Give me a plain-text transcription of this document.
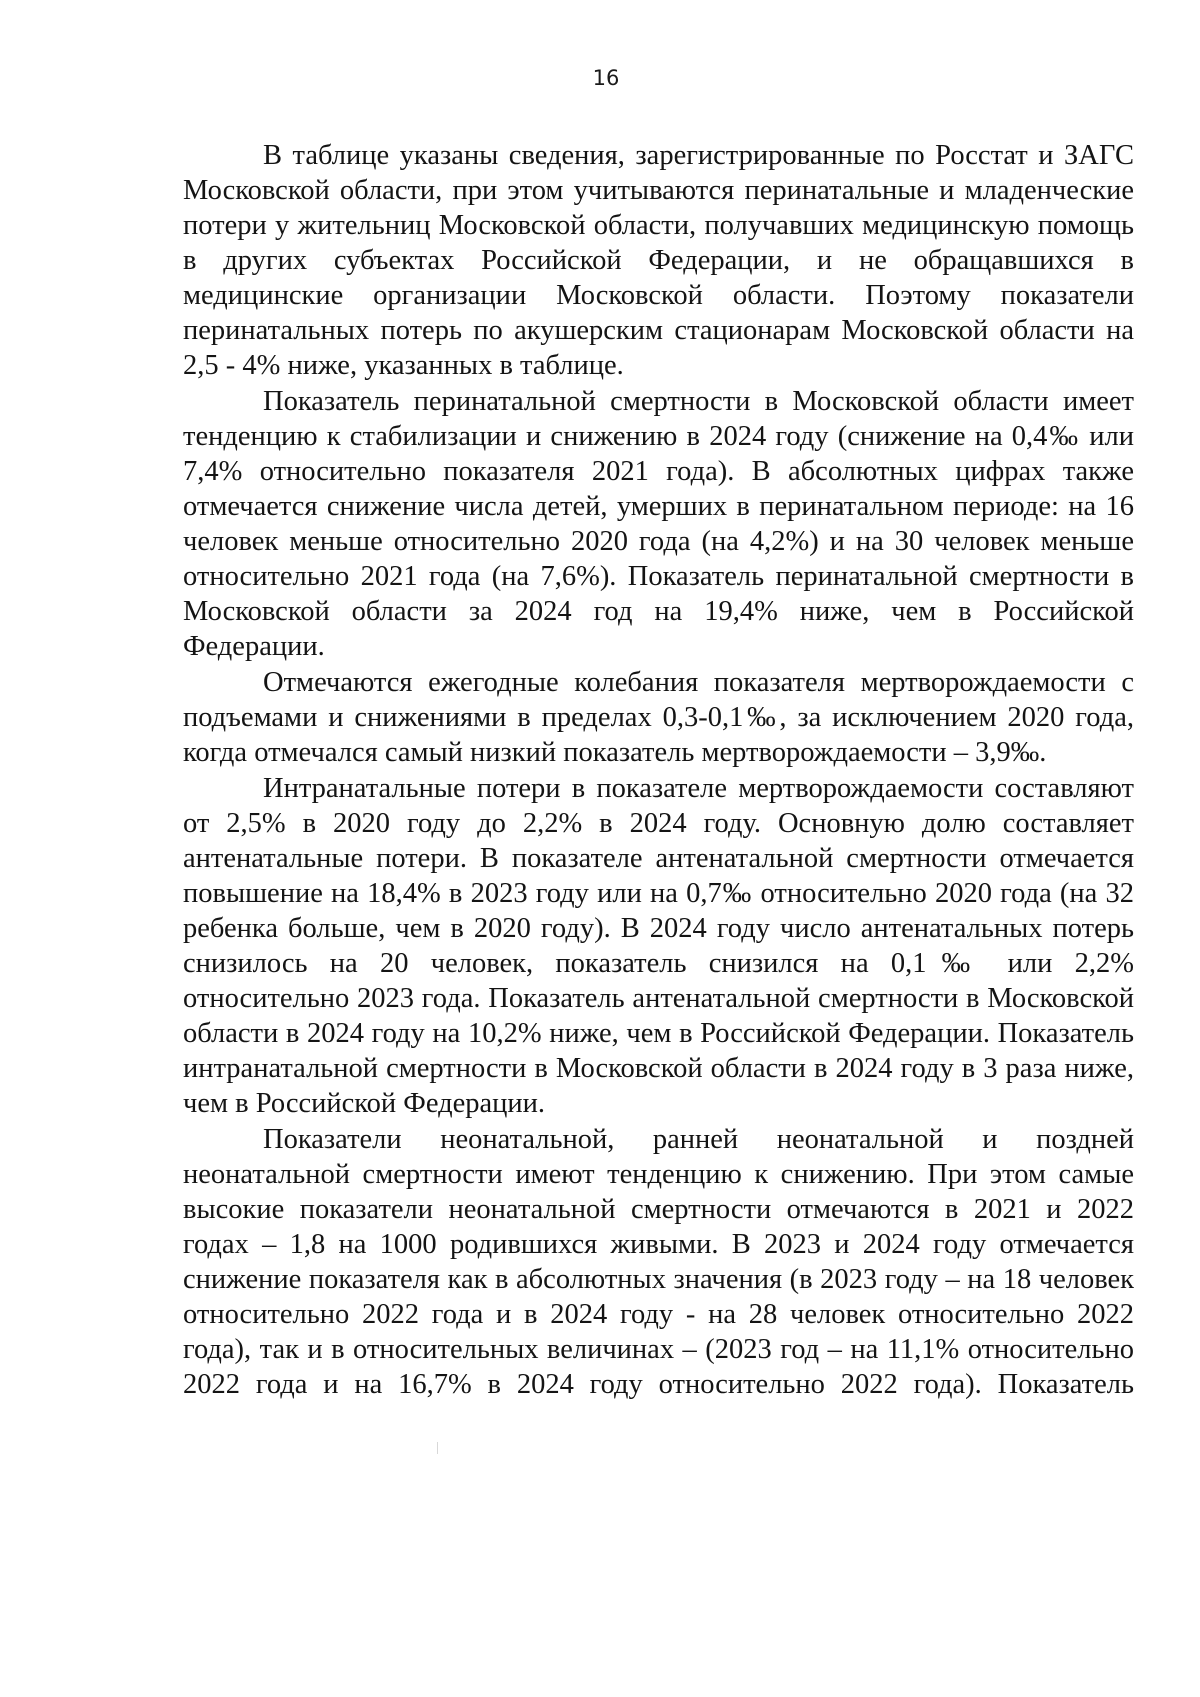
16

В таблице указаны сведения, зарегистрированные по Росстат и ЗАГС Московской области, при этом учитываются перинатальные и младенческие потери у жительниц Московской области, получавших медицинскую помощь в других субъектах Российской Федерации, и не обращавшихся в медицинские организации Московской области. Поэтому показатели перинатальных потерь по акушерским стационарам Московской области на 2,5 - 4% ниже, указанных в таблице.

Показатель перинатальной смертности в Московской области имеет тенденцию к стабилизации и снижению в 2024 году (снижение на 0,4‰ или 7,4% относительно показателя 2021 года). В абсолютных цифрах также отмечается снижение числа детей, умерших в перинатальном периоде: на 16 человек меньше относительно 2020 года (на 4,2%) и на 30 человек меньше относительно 2021 года (на 7,6%). Показатель перинатальной смертности в Московской области за 2024 год на 19,4% ниже, чем в Российской Федерации.

Отмечаются ежегодные колебания показателя мертворождаемости с подъемами и снижениями в пределах 0,3-0,1‰, за исключением 2020 года, когда отмечался самый низкий показатель мертворождаемости – 3,9‰.

Интранатальные потери в показателе мертворождаемости составляют от 2,5% в 2020 году до 2,2% в 2024 году. Основную долю составляет антенатальные потери. В показателе антенатальной смертности отмечается повышение на 18,4% в 2023 году или на 0,7‰ относительно 2020 года (на 32 ребенка больше, чем в 2020 году). В 2024 году число антенатальных потерь снизилось на 20 человек, показатель снизился на 0,1‰ или 2,2% относительно 2023 года. Показатель антенатальной смертности в Московской области в 2024 году на 10,2% ниже, чем в Российской Федерации. Показатель интранатальной смертности в Московской области в 2024 году в 3 раза ниже, чем в Российской Федерации.

Показатели неонатальной, ранней неонатальной и поздней неонатальной смертности имеют тенденцию к снижению. При этом самые высокие показатели неонатальной смертности отмечаются в 2021 и 2022 годах – 1,8 на 1000 родившихся живыми. В 2023 и 2024 году отмечается снижение показателя как в абсолютных значения (в 2023 году – на 18 человек относительно 2022 года и в 2024 году - на 28 человек относительно 2022 года), так и в относительных величинах – (2023 год – на 11,1% относительно 2022 года и на 16,7% в 2024 году относительно 2022 года). Показатель
